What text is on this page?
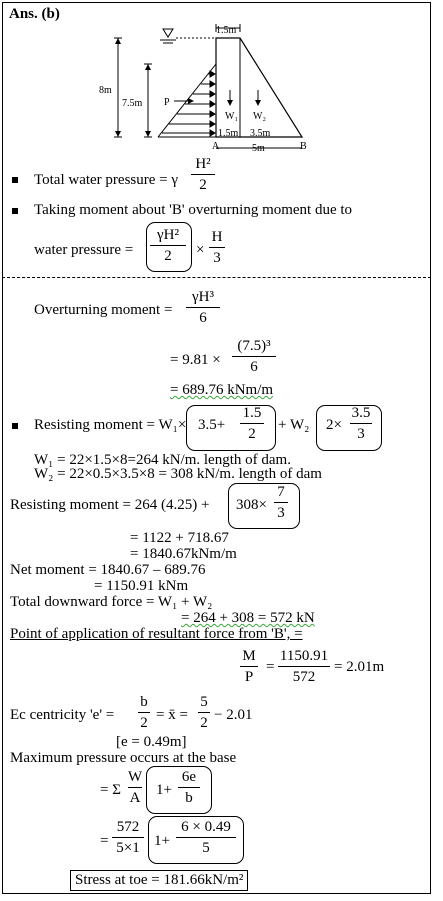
Ans. (b)
1.5m
8m
7.5m P
W₁ W₂
1.5m 3.5m
A	5m	B
Total water pressure = γ
H²
2
Taking moment about 'B' overturning moment due to
water pressure =
γH²
2	×
H
3
Overturning moment =
γH³
6
= 9.81 ×
(7.5)³
6
= 689.76 kNm/m
Resisting moment = W₁× 3.5+
1.5
2
+ W₂ 2×
3.5
3
W₁ = 22×1.5×8=264 kN/m. length of dam.
W₂ = 22×0.5×3.5×8 = 308 kN/m. length of dam
Resisting moment = 264 (4.25) + 308×
7
3
= 1122 + 718.67
= 1840.67kNm/m
Net moment = 1840.67 – 689.76
= 1150.91 kNm
Total downward force = W₁ + W₂
= 264 + 308 = 572 kN
Point of application of resultant force from 'B', =
M
P
=
1150.91
572
= 2.01m
Ec centricity 'e' =
b
2 = x̄ =
5
2 − 2.01
[e = 0.49m]
Maximum pressure occurs at the base
= Σ
W
A 1+
6e
b
=
572
5×1 1+
6 × 0.49
5
Stress at toe = 181.66kN/m²
